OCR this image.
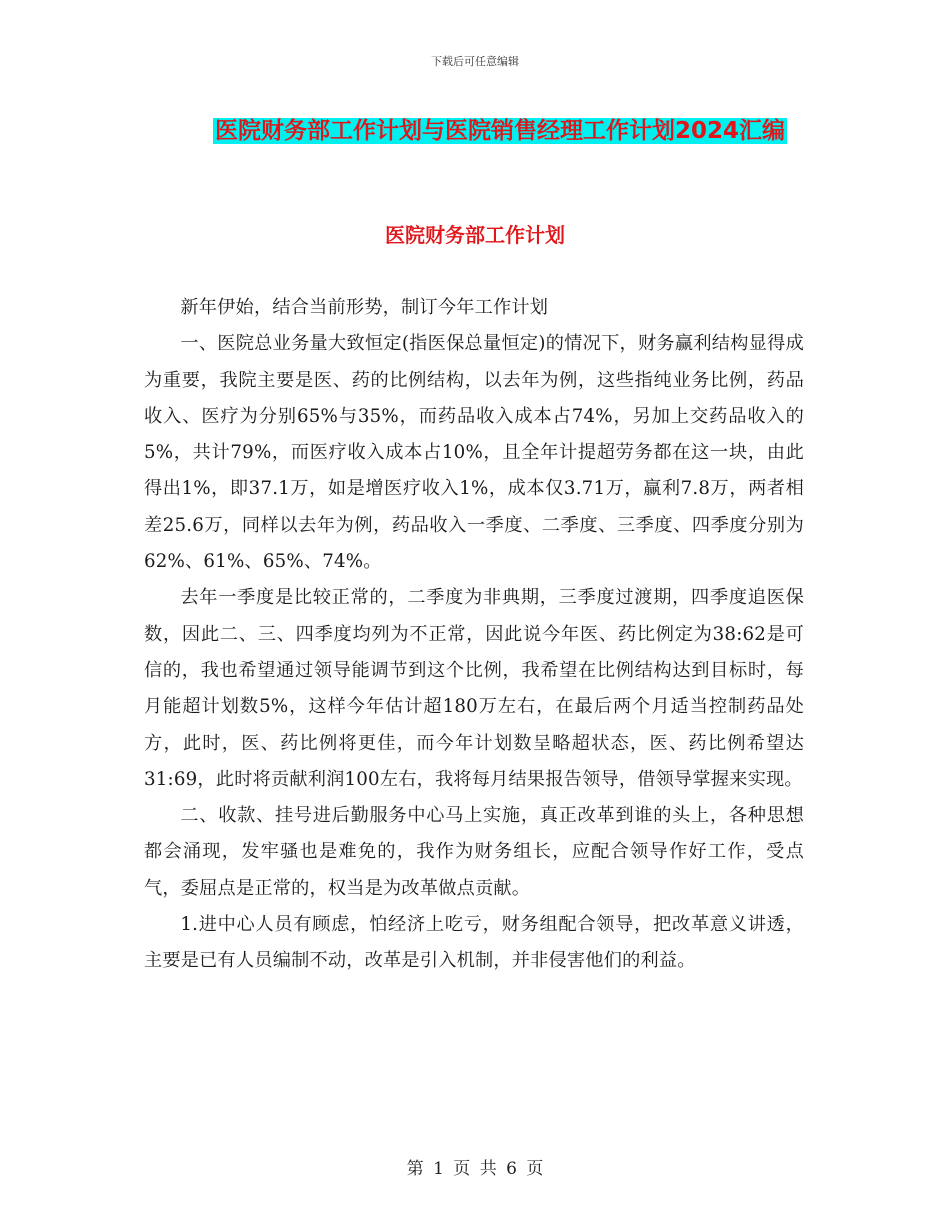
下载后可任意编辑
医院财务部工作计划与医院销售经理工作计划2024汇编
医院财务部工作计划

新年伊始，结合当前形势，制订今年工作计划

一、医院总业务量大致恒定(指医保总量恒定)的情况下，财务赢利结构显得成为重要，我院主要是医、药的比例结构，以去年为例，这些指纯业务比例，药品收入、医疗为分别65%与35%，而药品收入成本占74%，另加上交药品收入的5%，共计79%，而医疗收入成本占10%，且全年计提超劳务都在这一块，由此得出1%，即37.1万，如是增医疗收入1%，成本仅3.71万，赢利7.8万，两者相差25.6万，同样以去年为例，药品收入一季度、二季度、三季度、四季度分别为62%、61%、65%、74%。

去年一季度是比较正常的，二季度为非典期，三季度过渡期，四季度追医保数，因此二、三、四季度均列为不正常，因此说今年医、药比例定为38:62是可信的，我也希望通过领导能调节到这个比例，我希望在比例结构达到目标时，每月能超计划数5%，这样今年估计超180万左右，在最后两个月适当控制药品处方，此时，医、药比例将更佳，而今年计划数呈略超状态，医、药比例希望达31:69，此时将贡献利润100左右，我将每月结果报告领导，借领导掌握来实现。

二、收款、挂号进后勤服务中心马上实施，真正改革到谁的头上，各种思想都会涌现，发牢骚也是难免的，我作为财务组长，应配合领导作好工作，受点气，委屈点是正常的，权当是为改革做点贡献。

1.进中心人员有顾虑，怕经济上吃亏，财务组配合领导，把改革意义讲透，主要是已有人员编制不动，改革是引入机制，并非侵害他们的利益。

第 1 页 共 6 页
